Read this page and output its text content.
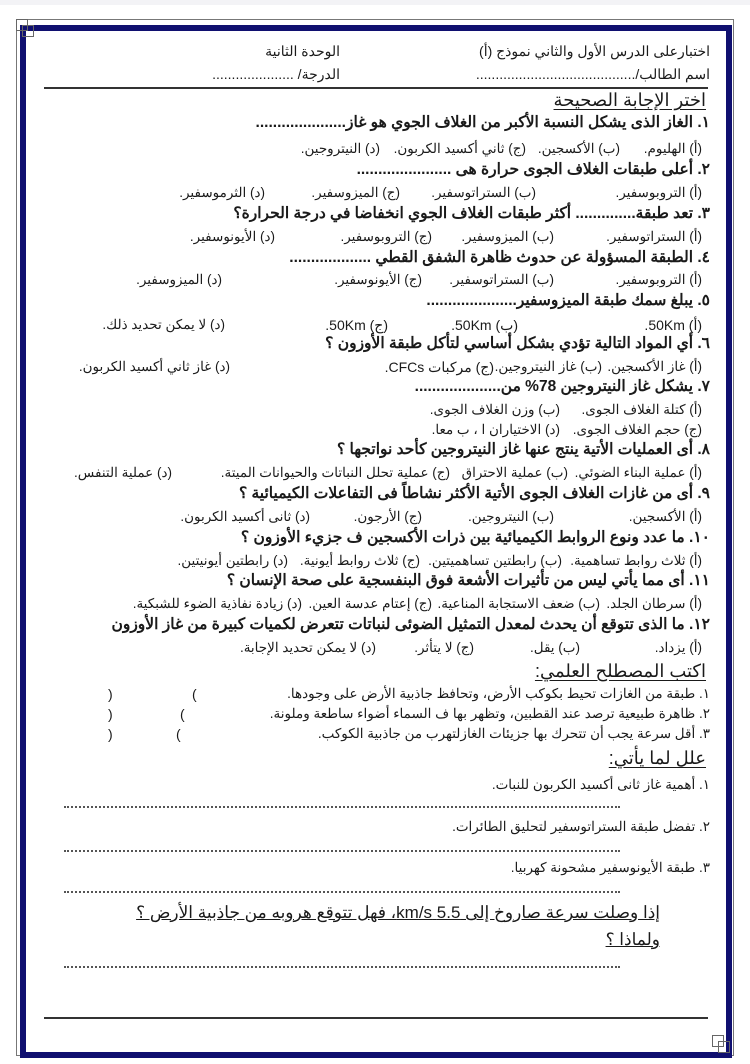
اختبارعلى الدرس الأول والثاني نموذج (أ)
الوحدة الثانية
اسم الطالب/.........................................
الدرجة/ .....................
اختر الإجابة الصحيحة
١. الغاز الذى يشكل النسبة الأكبر من الغلاف الجوي هو غاز.....................
(أ) الهليوم.
(ب) الأكسجين.
(ج) ثاني أكسيد الكربون.
(د) النيتروجين.
٢. أعلى طبقات الغلاف الجوى حرارة هى ......................
(أ) التروبوسفير.
(ب) الستراتوسفير.
(ج) الميزوسفير.
(د) الثرموسفير.
٣. تعد طبقة.............. أكثر طبقات الغلاف الجوي انخفاضا في درجة الحرارة؟
(أ) الستراتوسفير.
(ب) الميزوسفير.
(ج) التروبوسفير.
(د) الأيونوسفير.
٤. الطبقة المسؤولة عن حدوث ظاهرة الشفق القطي ...................
(أ) التروبوسفير.
(ب) الستراتوسفير.
(ج) الأيونوسفير.
(د) الميزوسفير.
٥. يبلغ سمك طبقة الميزوسفير.....................
(أ) 50Km.
(ب) 50Km.
(ج) 50Km.
(د) لا يمكن تحديد ذلك.
٦. أي المواد التالية تؤدي بشكل أساسي لتأكل طبقة الأوزون ؟
(أ) غاز الأكسجين.
(ب) غاز النيتروجين.
(ج) مركبات CFCs.
(د) غاز ثاني أكسيد الكربون.
٧. يشكل غاز النيتروجين 78% من....................
(أ) كتلة الغلاف الجوى.
(ب) وزن الغلاف الجوى.
(ج) حجم الغلاف الجوى.
(د) الاختياران ا ، ب معا.
٨. أى العمليات الأتية ينتج عنها غاز النيتروجين كأحد نواتجها ؟
(أ) عملية البناء الضوئي.
(ب) عملية الاحتراق
(ج) عملية تحلل النباتات والحيوانات الميتة.
(د) عملية التنفس.
٩. أى من غازات الغلاف الجوى الأتية الأكثر نشاطاً فى التفاعلات الكيميائية ؟
(أ) الأكسجين.
(ب) النيتروجين.
(ج) الأرجون.
(د) ثانى أكسيد الكربون.
١٠. ما عدد ونوع الروابط الكيميائية بين ذرات الأكسجين ف جزيء الأوزون ؟
(أ) ثلاث روابط تساهمية.
(ب) رابطتين تساهميتين.
(ج) ثلاث روابط أيونية.
(د) رابطتين أيونيتين.
١١. أى مما يأتي ليس من تأثيرات الأشعة فوق البنفسجية على صحة الإنسان ؟
(أ) سرطان الجلد.
(ب) ضعف الاستجابة المناعية.
(ج) إعتام عدسة العين.
(د) زيادة نفاذية الضوء للشبكية.
١٢. ما الذى تتوقع أن يحدث لمعدل التمثيل الضوئى لنباتات تتعرض لكميات كبيرة من غاز الأوزون
(أ) يزداد.
(ب) يقل.
(ج) لا يتأثر.
(د) لا يمكن تحديد الإجابة.
اكتب المصطلح العلمي:
١. طبقة من الغازات تحيط بكوكب الأرض، وتحافظ جاذبية الأرض على وجودها.
(
)
٢. ظاهرة طبيعية ترصد عند القطبين، وتظهر بها ف السماء أضواء ساطعة وملونة.
(
)
٣. أقل سرعة يجب أن تتحرك بها جزيئات الغازلتهرب من جاذبية الكوكب.
(
)
علل لما يأتي:
١. أهمية غاز ثانى أكسيد الكربون للنبات.
٢. تفضل طبقة الستراتوسفير لتحليق الطائرات.
٣. طبقة الأيونوسفير مشحونة كهربيا.
إذا وصلت سرعة صاروخ إلى 5.5 km/s، فهل تتوقع هروبه من جاذبية الأرض ؟
ولماذا ؟
